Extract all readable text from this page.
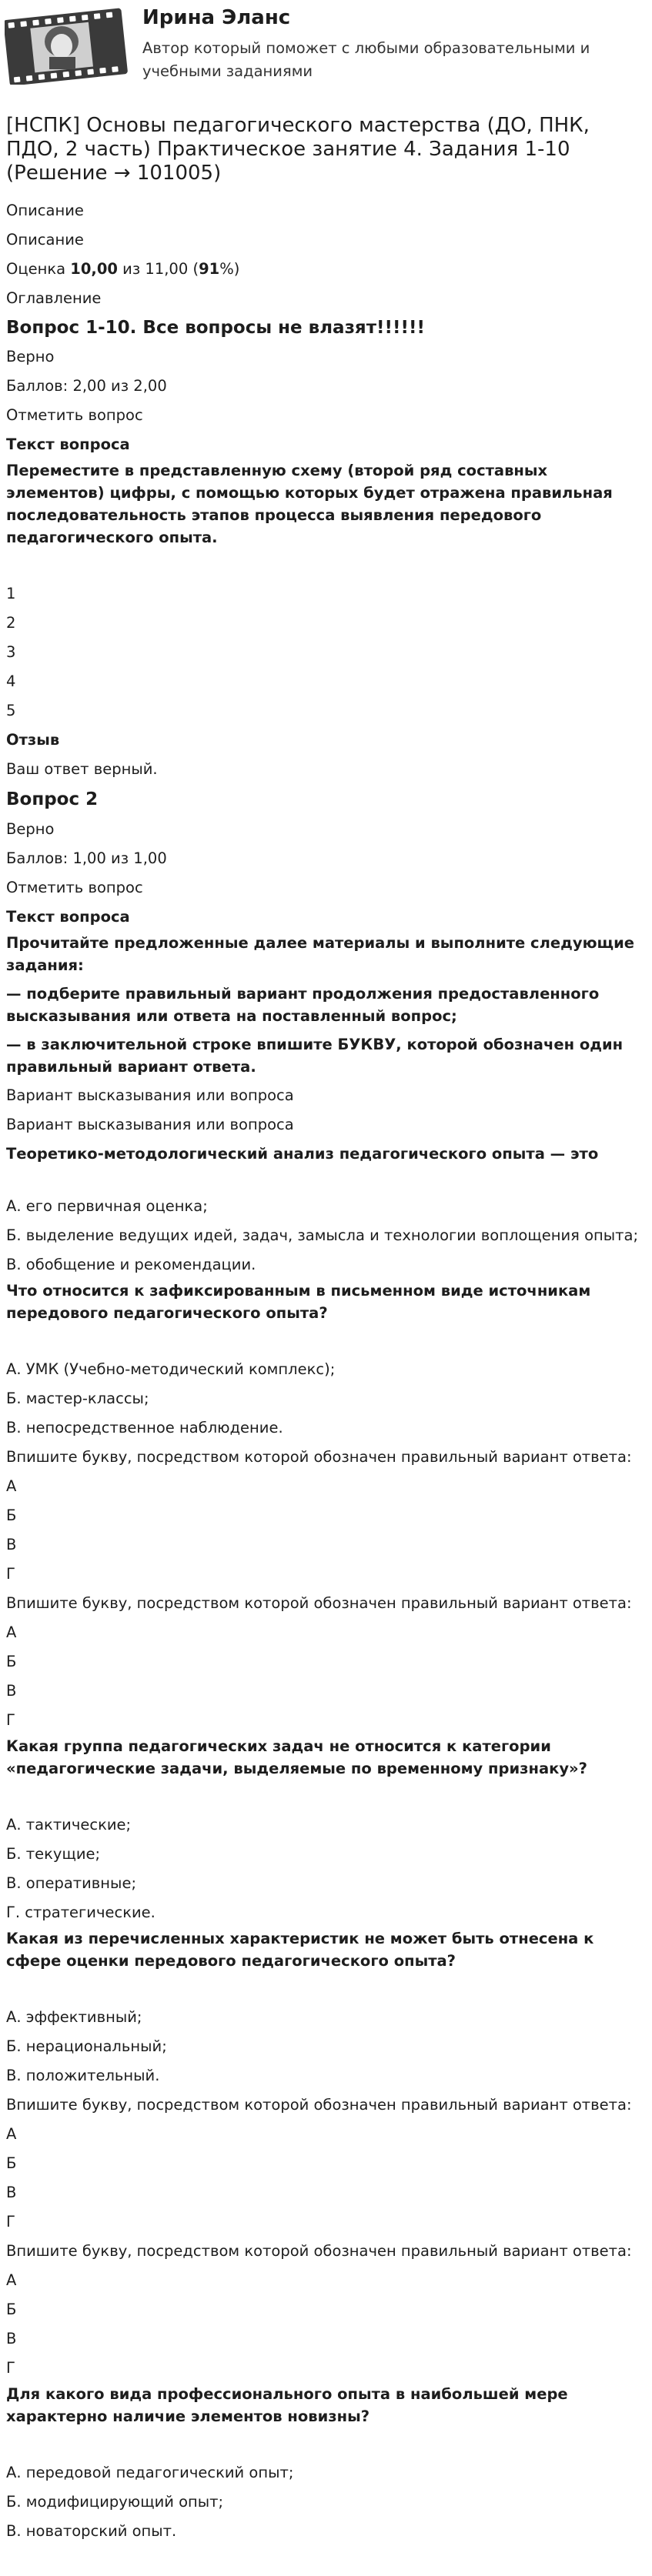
Ирина Эланс
Автор который поможет с любыми образовательными и учебными заданиями
[НСПК] Основы педагогического мастерства (ДО, ПНК, ПДО, 2 часть) Практическое занятие 4. Задания 1-10 (Решение → 101005)

Описание

Описание

Оценка 10,00 из 11,00 (91%)

Оглавление

Вопрос 1-10. Все вопросы не влазят!!!!!!

Верно

Баллов: 2,00 из 2,00

Отметить вопрос

Текст вопроса

Переместите в представленную схему (второй ряд составных элементов) цифры, с помощью которых будет отражена правильная последовательность этапов процесса выявления передового педагогического опыта.

1

2

3

4

5

Отзыв

Ваш ответ верный.

Вопрос 2

Верно

Баллов: 1,00 из 1,00

Отметить вопрос

Текст вопроса

Прочитайте предложенные далее материалы и выполните следующие задания:

— подберите правильный вариант продолжения предоставленного высказывания или ответа на поставленный вопрос;

— в заключительной строке впишите БУКВУ, которой обозначен один правильный вариант ответа.

Вариант высказывания или вопроса

Вариант высказывания или вопроса

Теоретико-методологический анализ педагогического опыта — это

А. его первичная оценка;

Б. выделение ведущих идей, задач, замысла и технологии воплощения опыта;

В. обобщение и рекомендации.

Что относится к зафиксированным в письменном виде источникам передового педагогического опыта?

А. УМК (Учебно-методический комплекс);

Б. мастер-классы;

В. непосредственное наблюдение.

Впишите букву, посредством которой обозначен правильный вариант ответа:

А

Б

В

Г

Впишите букву, посредством которой обозначен правильный вариант ответа:

А

Б

В

Г

Какая группа педагогических задач не относится к категории «педагогические задачи, выделяемые по временному признаку»?

А. тактические;

Б. текущие;

В. оперативные;

Г. стратегические.

Какая из перечисленных характеристик не может быть отнесена к сфере оценки передового педагогического опыта?

А. эффективный;

Б. нерациональный;

В. положительный.

Впишите букву, посредством которой обозначен правильный вариант ответа:

А

Б

В

Г

Впишите букву, посредством которой обозначен правильный вариант ответа:

А

Б

В

Г

Для какого вида профессионального опыта в наибольшей мере характерно наличие элементов новизны?

А. передовой педагогический опыт;

Б. модифицирующий опыт;

В. новаторский опыт.
